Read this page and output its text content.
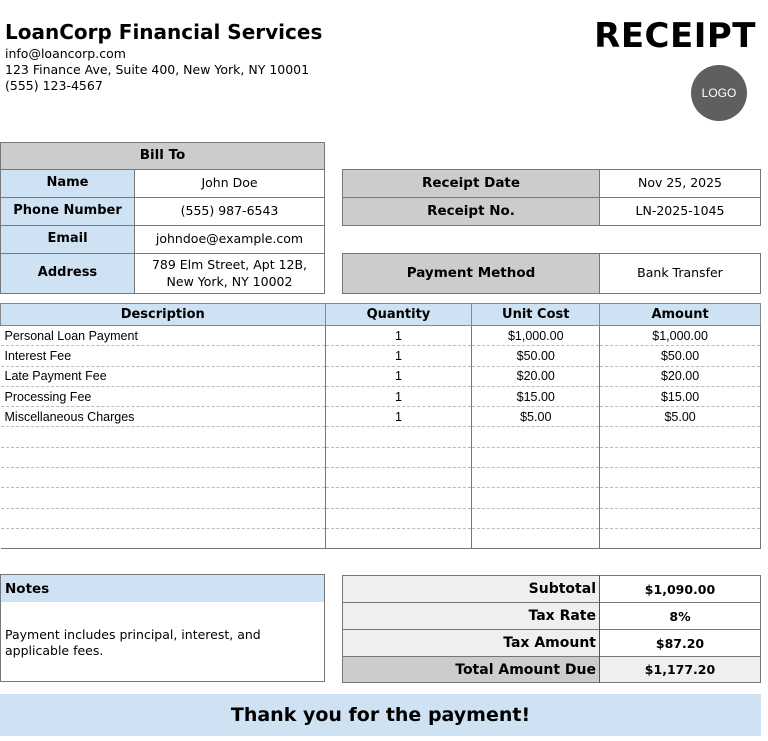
LoanCorp Financial Services
info@loancorp.com
123 Finance Ave, Suite 400, New York, NY 10001
(555) 123-4567
RECEIPT
LOGO
Bill To
Name	John Doe
Phone Number	(555) 987-6543
Email	johndoe@example.com
Address
789 Elm Street, Apt 12B,
New York, NY 10002
Receipt Date	Nov 25, 2025
Receipt No.	LN-2025-1045
Payment Method	Bank Transfer
Description	Quantity	Unit Cost	Amount
Personal Loan Payment	1	$1,000.00	$1,000.00
Interest Fee	1	$50.00	$50.00
Late Payment Fee	1	$20.00	$20.00
Processing Fee	1	$15.00	$15.00
Miscellaneous Charges	1	$5.00	$5.00

Notes
Payment includes principal, interest, and
applicable fees.
Subtotal	$1,090.00
Tax Rate	8%
Tax Amount	$87.20
Total Amount Due	$1,177.20
Thank you for the payment!
